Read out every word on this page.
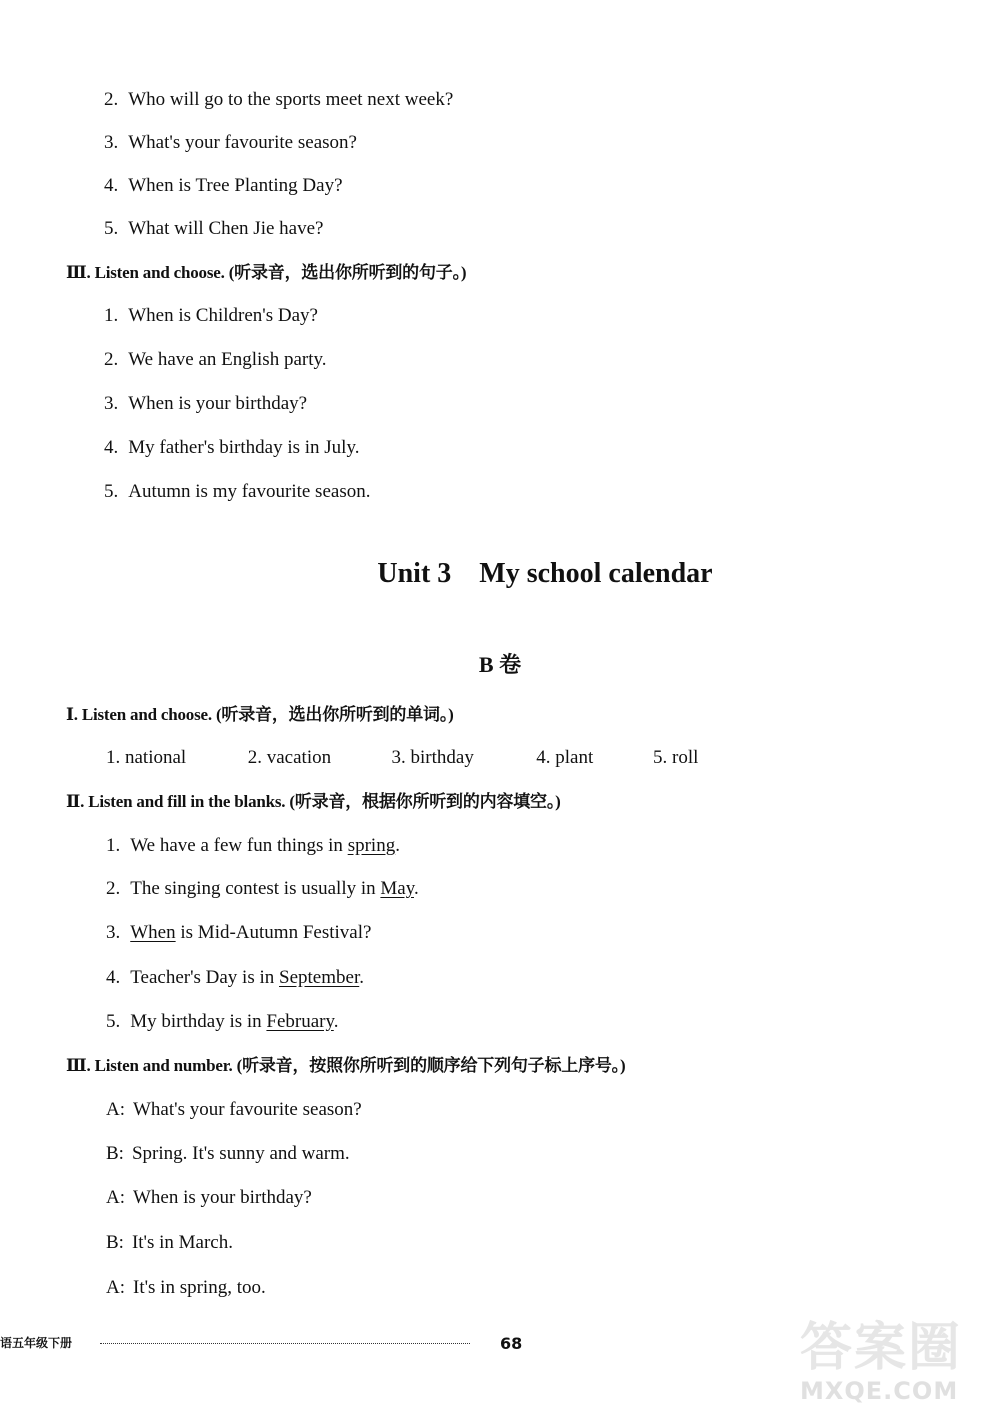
2. Who will go to the sports meet next week?
3. What's your favourite season?
4. When is Tree Planting Day?
5. What will Chen Jie have?
Ⅲ. Listen and choose. (听录音，选出你所听到的句子。)
1. When is Children's Day?
2. We have an English party.
3. When is your birthday?
4. My father's birthday is in July.
5. Autumn is my favourite season.
Unit 3    My school calendar
B 卷
Ⅰ. Listen and choose. (听录音，选出你所听到的单词。)
1. national	2. vacation	3. birthday	4. plant	5. roll
Ⅱ. Listen and fill in the blanks. (听录音，根据你所听到的内容填空。)
1. We have a few fun things in spring.
2. The singing contest is usually in May.
3. When is Mid-Autumn Festival?
4. Teacher's Day is in September.
5. My birthday is in February.
Ⅲ. Listen and number. (听录音，按照你所听到的顺序给下列句子标上序号。)
A: What's your favourite season?
B: Spring. It's sunny and warm.
A: When is your birthday?
B: It's in March.
A: It's in spring, too.
语五年级下册	68	答案圈
MXQE.COM
